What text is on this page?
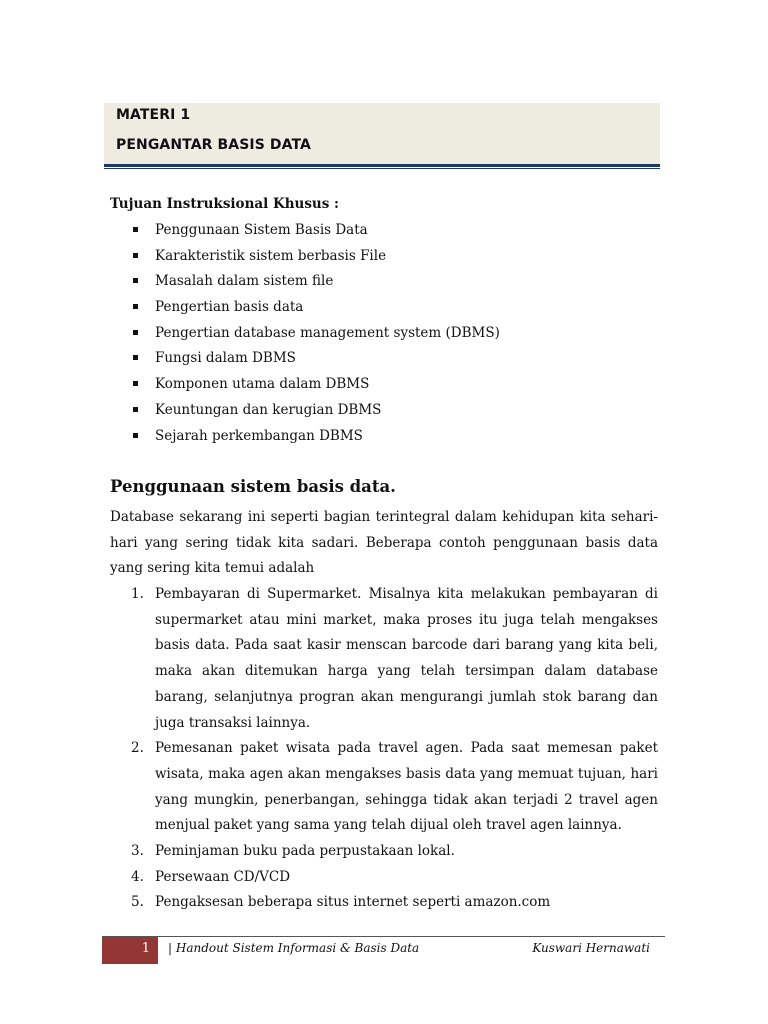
MATERI 1
PENGANTAR BASIS DATA
Tujuan Instruksional Khusus :
Penggunaan Sistem Basis Data
Karakteristik sistem berbasis File
Masalah dalam sistem file
Pengertian basis data
Pengertian database management system (DBMS)
Fungsi dalam DBMS
Komponen utama dalam DBMS
Keuntungan dan kerugian DBMS
Sejarah perkembangan DBMS
Penggunaan sistem basis data.

Database sekarang ini seperti bagian terintegral dalam kehidupan kita sehari-hari yang sering tidak kita sadari. Beberapa contoh penggunaan basis data yang sering kita temui adalah

1. Pembayaran di Supermarket. Misalnya kita melakukan pembayaran di supermarket atau mini market, maka proses itu juga telah mengakses basis data. Pada saat kasir menscan barcode dari barang yang kita beli, maka akan ditemukan harga yang telah tersimpan dalam database barang, selanjutnya progran akan mengurangi jumlah stok barang dan juga transaksi lainnya.
2. Pemesanan paket wisata pada travel agen. Pada saat memesan paket wisata, maka agen akan mengakses basis data yang memuat tujuan, hari yang mungkin, penerbangan, sehingga tidak akan terjadi 2 travel agen menjual paket yang sama yang telah dijual oleh travel agen lainnya.
3. Peminjaman buku pada perpustakaan lokal.
4. Persewaan CD/VCD
5. Pengaksesan beberapa situs internet seperti amazon.com
1 | Handout Sistem Informasi & Basis Data	Kuswari Hernawati
